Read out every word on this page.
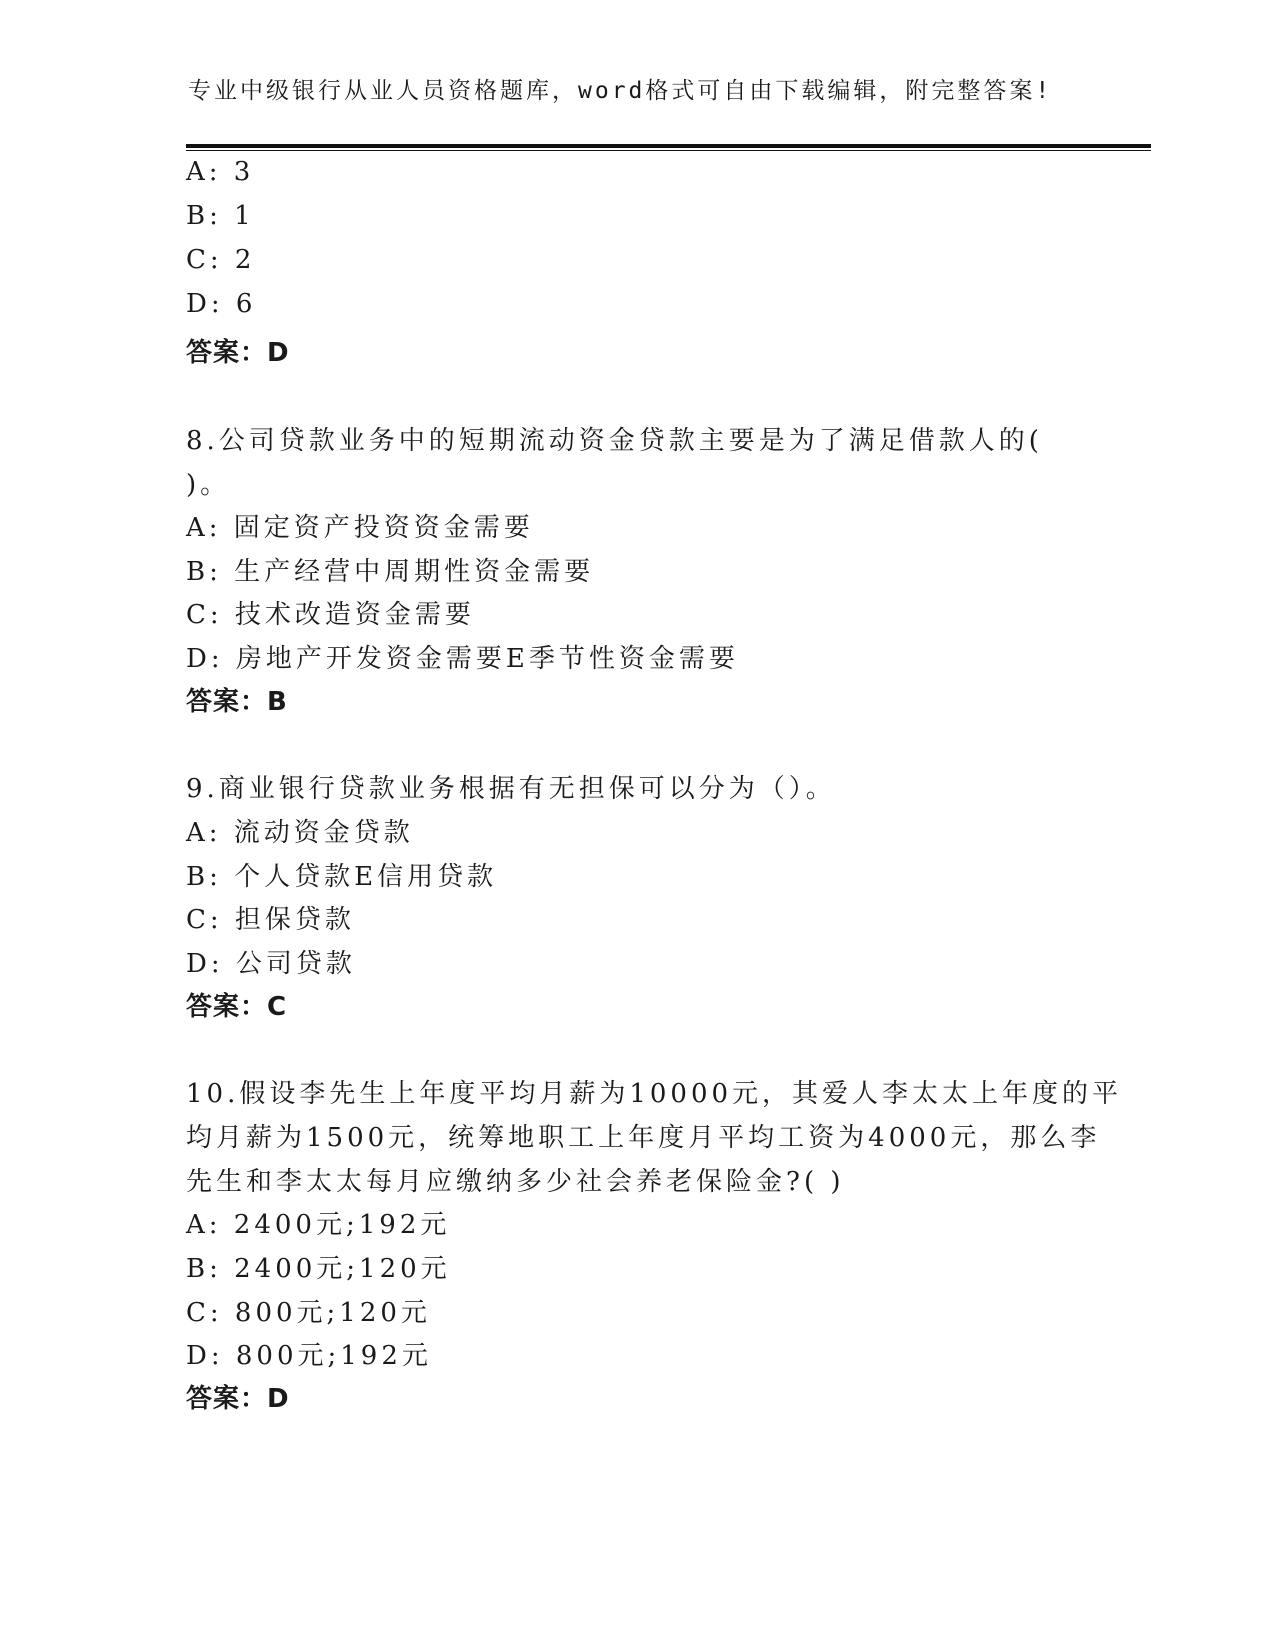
专业中级银行从业人员资格题库，word格式可自由下载编辑，附完整答案!
A: 3
B: 1
C: 2
D: 6
答案：D
8.公司贷款业务中的短期流动资金贷款主要是为了满足借款人的(
)。
A: 固定资产投资资金需要
B: 生产经营中周期性资金需要
C: 技术改造资金需要
D: 房地产开发资金需要E季节性资金需要
答案：B
9.商业银行贷款业务根据有无担保可以分为（）。
A: 流动资金贷款
B: 个人贷款E信用贷款
C: 担保贷款
D: 公司贷款
答案：C
10.假设李先生上年度平均月薪为10000元，其爱人李太太上年度的平
均月薪为1500元，统筹地职工上年度月平均工资为4000元，那么李
先生和李太太每月应缴纳多少社会养老保险金?( )
A: 2400元;192元
B: 2400元;120元
C: 800元;120元
D: 800元;192元
答案：D
